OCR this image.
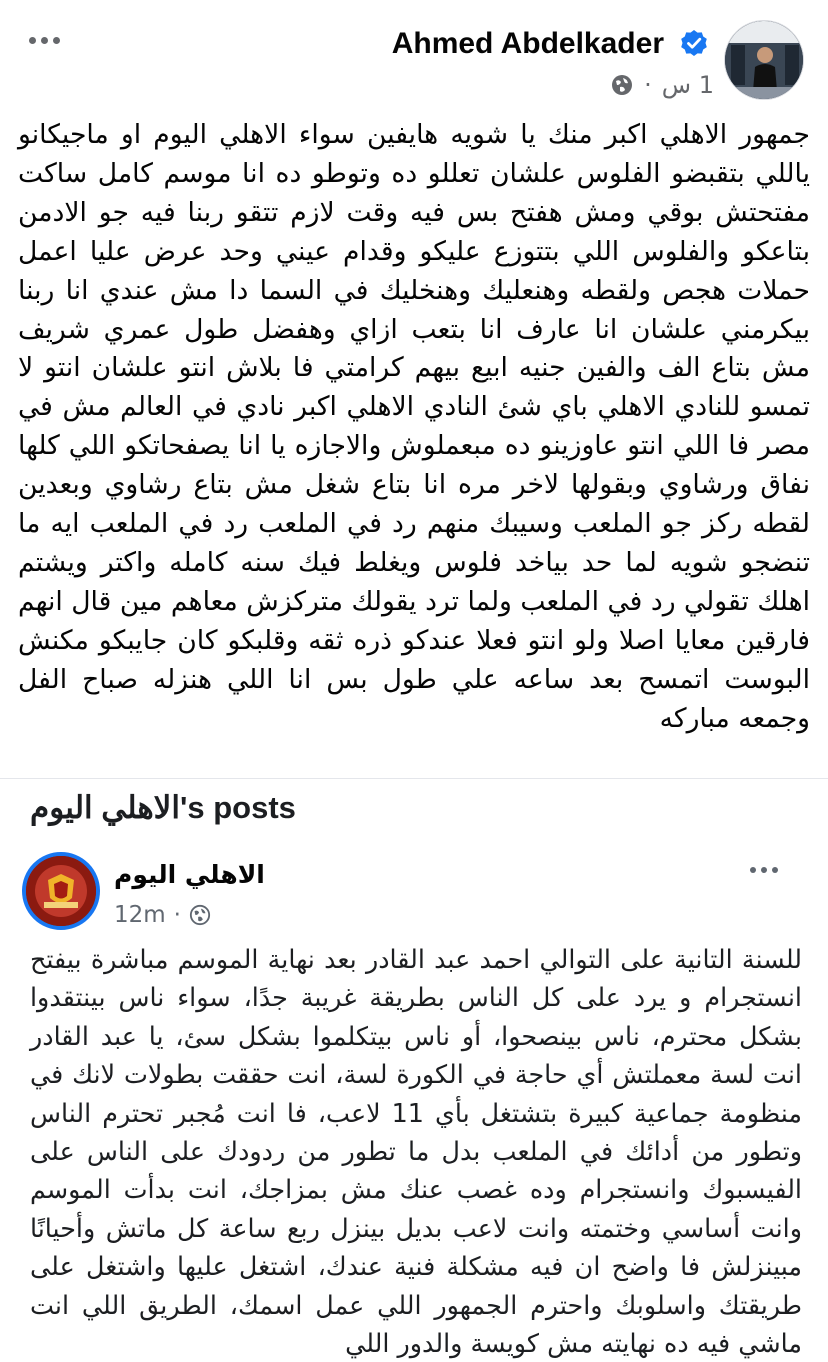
Ahmed Abdelkader
1 س
·
جمهور الاهلي اكبر منك يا شويه هايفين سواء الاهلي اليوم او ماجيكانو ياللي بتقبضو الفلوس علشان تعللو ده وتوطو ده انا موسم كامل ساكت مفتحتش بوقي ومش هفتح بس فيه وقت لازم تتقو ربنا فيه جو الادمن بتاعكو والفلوس اللي بتتوزع عليكو وقدام عيني وحد عرض عليا اعمل حملات هجص ولقطه وهنعليك وهنخليك في السما دا مش عندي انا ربنا بيكرمني علشان انا عارف انا بتعب ازاي وهفضل طول عمري شريف مش بتاع الف والفين جنيه ابيع بيهم كرامتي فا بلاش انتو علشان انتو لا تمسو للنادي الاهلي باي شئ النادي الاهلي اكبر نادي في العالم مش في مصر فا اللي انتو عاوزينو ده مبعملوش والاجازه يا انا يصفحاتكو اللي كلها نفاق ورشاوي وبقولها لاخر مره انا بتاع شغل مش بتاع رشاوي وبعدين لقطه ركز جو الملعب وسيبك منهم رد في الملعب رد في الملعب ايه ما تنضجو شويه لما حد بياخد فلوس ويغلط فيك سنه كامله واكتر ويشتم اهلك تقولي رد في الملعب ولما ترد يقولك متركزش معاهم مين قال انهم فارقين معايا اصلا ولو انتو فعلا عندكو ذره ثقه وقلبكو كان جايبكو مكنش البوست اتمسح بعد ساعه علي طول بس انا اللي هنزله صباح الفل وجمعه مباركه
الاهلي اليوم's posts
الاهلي اليوم
12m ·
للسنة التانية على التوالي احمد عبد القادر بعد نهاية الموسم مباشرة بيفتح انستجرام و يرد على كل الناس بطريقة غريبة جدًا، سواء ناس بينتقدوا بشكل محترم، ناس بينصحوا، أو ناس بيتكلموا بشكل سئ، يا عبد القادر انت لسة معملتش أي حاجة في الكورة لسة، انت حققت بطولات لانك في منظومة جماعية كبيرة بتشتغل بأي 11 لاعب، فا انت مُجبر تحترم الناس وتطور من أدائك في الملعب بدل ما تطور من ردودك على الناس على الفيسبوك وانستجرام وده غصب عنك مش بمزاجك، انت بدأت الموسم وانت أساسي وختمته وانت لاعب بديل بينزل ربع ساعة كل ماتش وأحيانًا مبينزلش فا واضح ان فيه مشكلة فنية عندك، اشتغل عليها واشتغل على طريقتك واسلوبك واحترم الجمهور اللي عمل اسمك، الطريق اللي انت ماشي فيه ده نهايته مش كويسة والدور اللي
